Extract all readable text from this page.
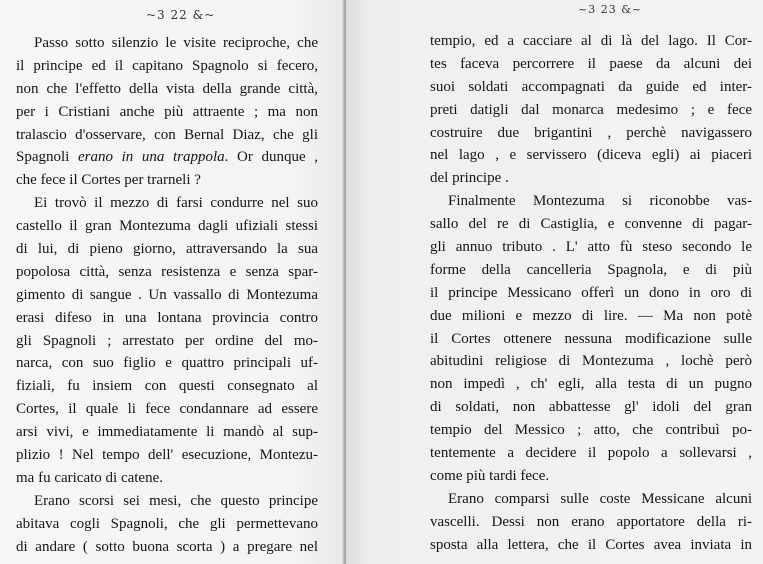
~3 22 &~
Passo sotto silenzio le visite reciproche, che
il principe ed il capitano Spagnolo si fecero,
non che l'effetto della vista della grande città,
per i Cristiani anche più attraente ; ma non
tralascio d'osservare, con Bernal Diaz, che gli
Spagnoli erano in una trappola. Or dunque ,
che fece il Cortes per trarneli ?
Ei trovò il mezzo di farsi condurre nel suo
castello il gran Montezuma dagli ufiziali stessi
di lui, di pieno giorno, attraversando la sua
popolosa città, senza resistenza e senza spar-
gimento di sangue . Un vassallo di Montezuma
erasi difeso in una lontana provincia contro
gli Spagnoli ; arrestato per ordine del mo-
narca, con suo figlio e quattro principali uf-
fiziali, fu insiem con questi consegnato al
Cortes, il quale li fece condannare ad essere
arsi vivi, e immediatamente li mandò al sup-
plizio ! Nel tempo dell' esecuzione, Montezu-
ma fu caricato di catene.
Erano scorsi sei mesi, che questo principe
abitava cogli Spagnoli, che gli permettevano
di andare ( sotto buona scorta ) a pregare nel
~3 23 &~
tempio, ed a cacciare al di là del lago. Il Cor-
tes faceva percorrere il paese da alcuni dei
suoi soldati accompagnati da guide ed inter-
preti datigli dal monarca medesimo ; e fece
costruire due brigantini , perchè navigassero
nel lago , e servissero (diceva egli) ai piaceri
del principe .
Finalmente Montezuma si riconobbe vas-
sallo del re di Castiglia, e convenne di pagar-
gli annuo tributo . L' atto fù steso secondo le
forme della cancelleria Spagnola, e di più
il principe Messicano offerì un dono in oro di
due milioni e mezzo di lire. — Ma non potè
il Cortes ottenere nessuna modificazione sulle
abitudini religiose di Montezuma , lochè però
non impedì , ch' egli, alla testa di un pugno
di soldati, non abbattesse gl' idoli del gran
tempio del Messico ; atto, che contribuì po-
tentemente a decidere il popolo a sollevarsi ,
come più tardi fece.
Erano comparsi sulle coste Messicane alcuni
vascelli. Dessi non erano apportatore della ri-
sposta alla lettera, che il Cortes avea inviata in
